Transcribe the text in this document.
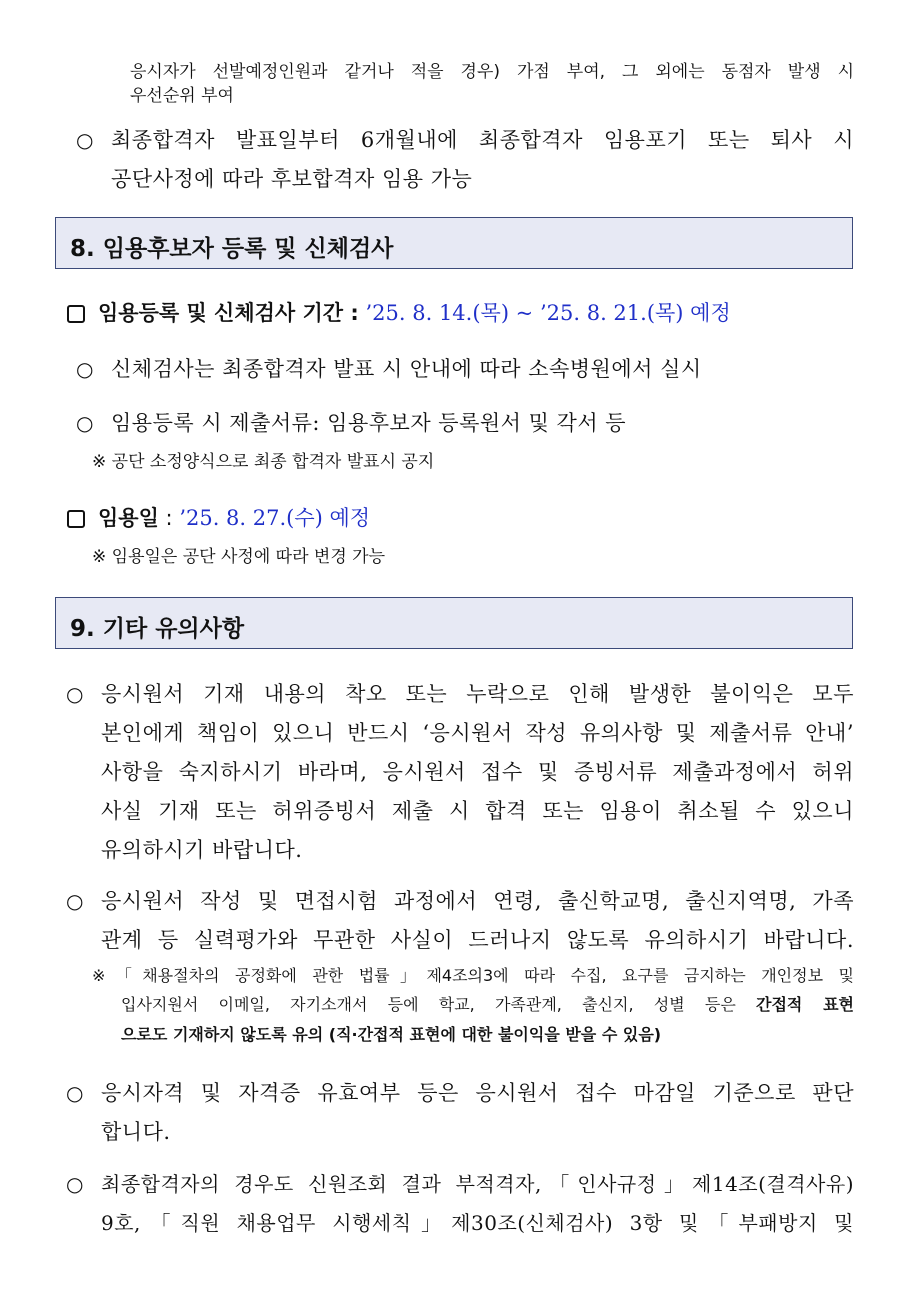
응시자가 선발예정인원과 같거나 적을 경우) 가점 부여, 그 외에는 동점자 발생 시
우선순위 부여
○ 최종합격자 발표일부터 6개월내에 최종합격자 임용포기 또는 퇴사 시
공단사정에 따라 후보합격자 임용 가능
8. 임용후보자 등록 및 신체검사
임용등록 및 신체검사 기간 : ’25. 8. 14.(목) ~ ’25. 8. 21.(목) 예정
○ 신체검사는 최종합격자 발표 시 안내에 따라 소속병원에서 실시
○ 임용등록 시 제출서류: 임용후보자 등록원서 및 각서 등
※ 공단 소정양식으로 최종 합격자 발표시 공지
임용일 : ’25. 8. 27.(수) 예정
※ 임용일은 공단 사정에 따라 변경 가능
9. 기타 유의사항
○ 응시원서 기재 내용의 착오 또는 누락으로 인해 발생한 불이익은 모두
본인에게 책임이 있으니 반드시 ‘응시원서 작성 유의사항 및 제출서류 안내’
사항을 숙지하시기 바라며, 응시원서 접수 및 증빙서류 제출과정에서 허위
사실 기재 또는 허위증빙서 제출 시 합격 또는 임용이 취소될 수 있으니
유의하시기 바랍니다.
○ 응시원서 작성 및 면접시험 과정에서 연령, 출신학교명, 출신지역명, 가족
관계 등 실력평가와 무관한 사실이 드러나지 않도록 유의하시기 바랍니다.
※「채용절차의 공정화에 관한 법률」제4조의3에 따라 수집, 요구를 금지하는 개인정보 및
입사지원서 이메일, 자기소개서 등에 학교, 가족관계, 출신지, 성별 등은 간접적 표현
으로도 기재하지 않도록 유의 (직·간접적 표현에 대한 불이익을 받을 수 있음)
○ 응시자격 및 자격증 유효여부 등은 응시원서 접수 마감일 기준으로 판단
합니다.
○ 최종합격자의 경우도 신원조회 결과 부적격자,「인사규정」제14조(결격사유)
9호,「직원 채용업무 시행세칙」제30조(신체검사) 3항 및「부패방지 및
